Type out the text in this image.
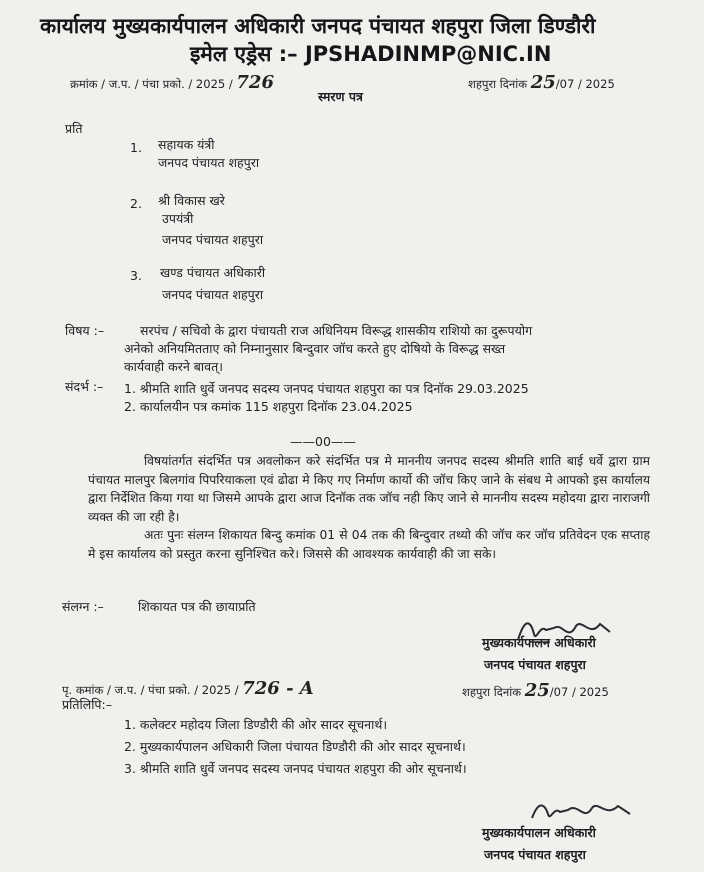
कार्यालय मुख्यकार्यपालन अधिकारी जनपद पंचायत शहपुरा जिला डिण्डौरी
इमेल एड्रेस :– JPSHADINMP@NIC.IN
क्रमांक / ज.प. / पंचा प्रको. / 2025 / 726	शहपुरा दिनांक 25/07 / 2025
स्मरण पत्र
प्रति
1. सहायक यंत्री
जनपद पंचायत शहपुरा
2. श्री विकास खरे
उपयंत्री
जनपद पंचायत शहपुरा
3. खण्ड पंचायत अधिकारी
जनपद पंचायत शहपुरा
विषय :–	सरपंच / सचिवो के द्वारा पंचायती राज अधिनियम विरूद्ध शासकीय राशियो का दुरूपयोग
अनेको अनियमितताए को निम्नानुसार बिन्दुवार जॉच करते हुए दोषियो के विरूद्ध सख्त
कार्यवाही करने बावत्।
संदर्भ :– 1. श्रीमति शाति धुर्वे जनपद सदस्य जनपद पंचायत शहपुरा का पत्र दिनॉक 29.03.2025
2. कार्यालयीन पत्र कमांक 115 शहपुरा दिनॉक 23.04.2025
——00——
विषयांतर्गत संदर्भित पत्र अवलोकन करे संदर्भित पत्र मे माननीय जनपद सदस्य श्रीमति शाति बाई धर्वे द्वारा ग्राम पंचायत मालपुर बिलगांव पिपरियाकला एवं ढोढा मे किए गए निर्माण कार्यो की जॉच किए जाने के संबध मे आपको इस कार्यालय द्वारा निर्देशित किया गया था जिसमे आपके द्वारा आज दिनॉक तक जॉच नही किए जाने से माननीय सदस्य महोदया द्वारा नाराजगी व्यक्त की जा रही है।
अतः पुनः संलग्न शिकायत बिन्दु कमांक 01 से 04 तक की बिन्दुवार तथ्यो की जॉच कर जॉच प्रतिवेदन एक सप्ताह मे इस कार्यालय को प्रस्तुत करना सुनिश्चित करे। जिससे की आवश्यक कार्यवाही की जा सके।
संलग्न :–	शिकायत पत्र की छायाप्रति
मुख्यकार्यपालन अधिकारी
जनपद पंचायत शहपुरा
पृ. कमांक / ज.प. / पंचा प्रको. / 2025 / 726 - A	शहपुरा दिनांक 25/07 / 2025
प्रतिलिपि:–
1. कलेक्टर महोदय जिला डिण्डौरी की ओर सादर सूचनार्थ।
2. मुख्यकार्यपालन अधिकारी जिला पंचायत डिण्डौरी की ओर सादर सूचनार्थ।
3. श्रीमति शाति धुर्वे जनपद सदस्य जनपद पंचायत शहपुरा की ओर सूचनार्थ।
मुख्यकार्यपालन अधिकारी
जनपद पंचायत शहपुरा
